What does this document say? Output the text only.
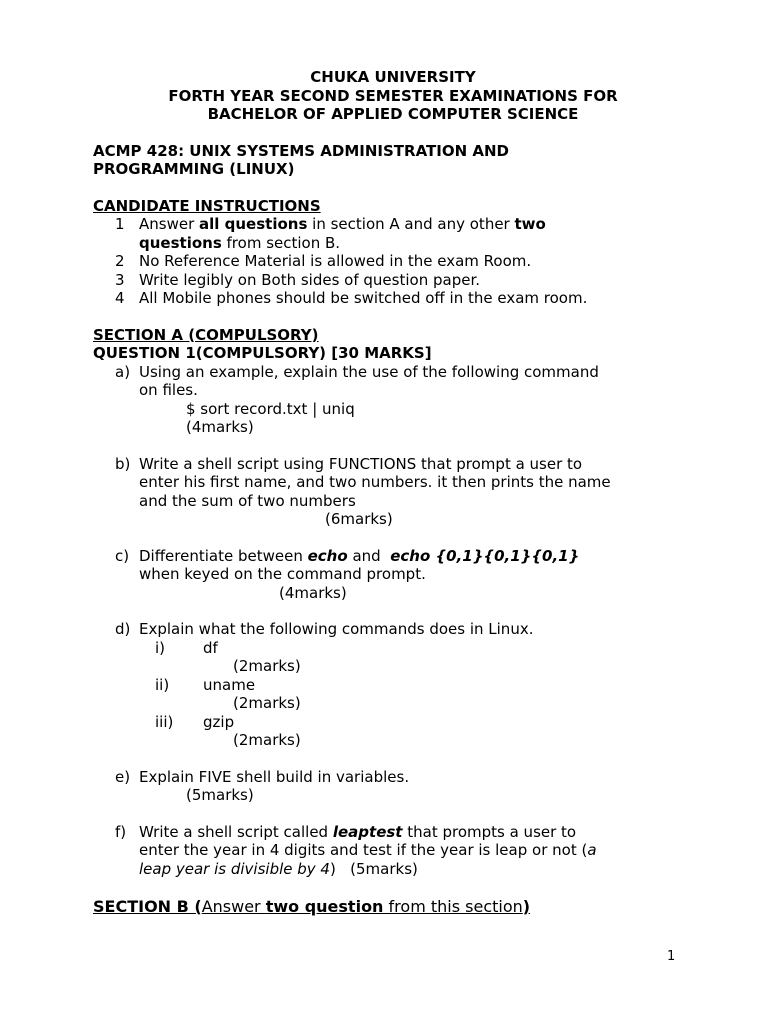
CHUKA UNIVERSITY
FORTH YEAR SECOND SEMESTER EXAMINATIONS FOR
BACHELOR OF APPLIED COMPUTER SCIENCE
ACMP 428: UNIX SYSTEMS ADMINISTRATION AND
PROGRAMMING (LINUX)
CANDIDATE INSTRUCTIONS
1 Answer all questions in section A and any other two
questions from section B.
2 No Reference Material is allowed in the exam Room.
3 Write legibly on Both sides of question paper.
4 All Mobile phones should be switched off in the exam room.
SECTION A (COMPULSORY)
QUESTION 1(COMPULSORY) [30 MARKS]
a) Using an example, explain the use of the following command
on files.
$ sort record.txt | uniq
(4marks)
b) Write a shell script using FUNCTIONS that prompt a user to
enter his first name, and two numbers. it then prints the name
and the sum of two numbers
(6marks)
c) Differentiate between echo and  echo {0,1}{0,1}{0,1}
when keyed on the command prompt.
(4marks)
d) Explain what the following commands does in Linux.
i)	df
(2marks)
ii) uname
(2marks)
iii) gzip
(2marks)
e) Explain FIVE shell build in variables.
(5marks)
f) Write a shell script called leaptest that prompts a user to
enter the year in 4 digits and test if the year is leap or not (a
leap year is divisible by 4)   (5marks)
SECTION B (Answer two question from this section)
1
